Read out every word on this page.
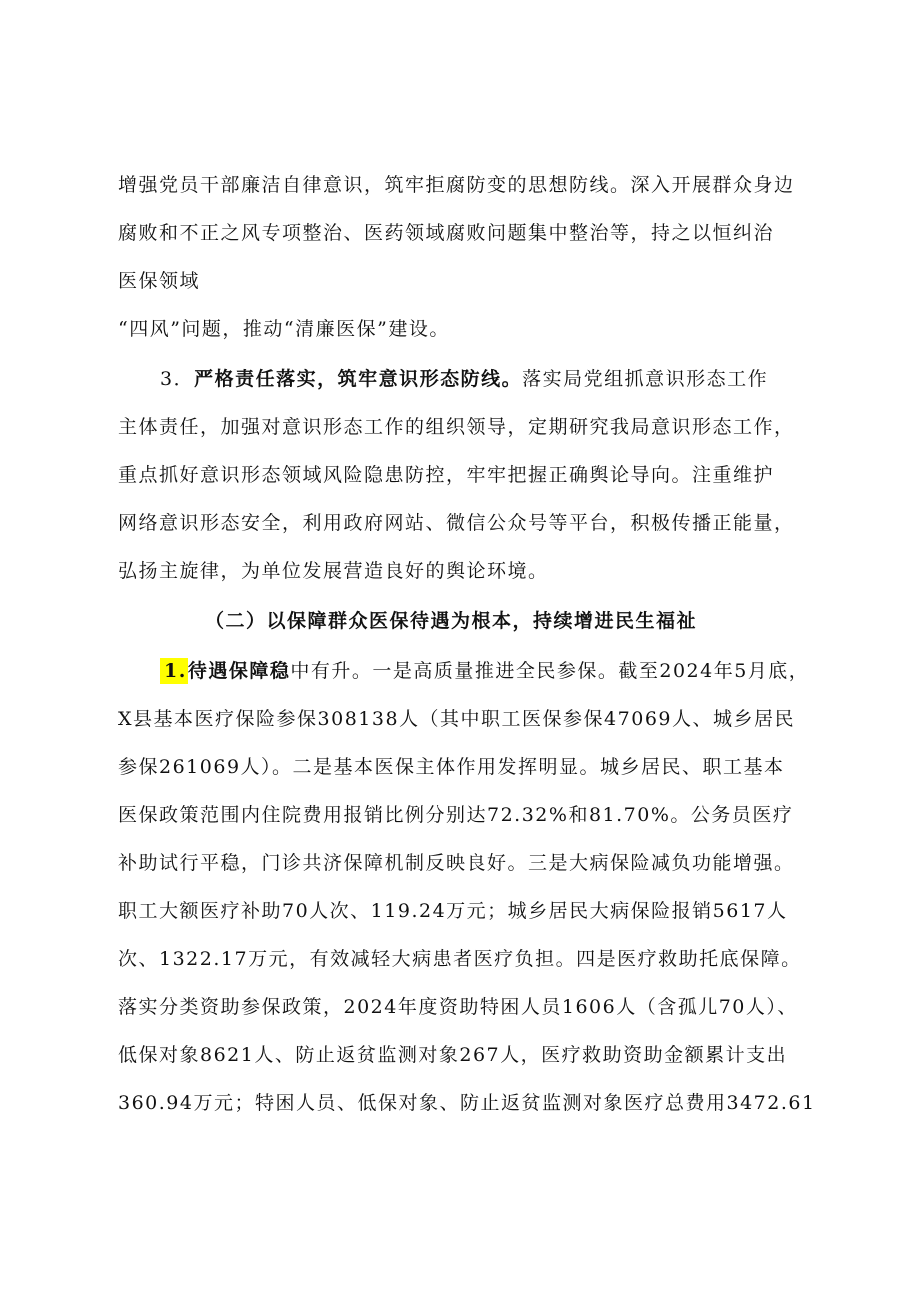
增强党员干部廉洁自律意识，筑牢拒腐防变的思想防线。深入开展群众身边
腐败和不正之风专项整治、医药领域腐败问题集中整治等，持之以恒纠治
医保领域
“四风”问题，推动“清廉医保”建设。
3．严格责任落实，筑牢意识形态防线。落实局党组抓意识形态工作
主体责任，加强对意识形态工作的组织领导，定期研究我局意识形态工作，
重点抓好意识形态领域风险隐患防控，牢牢把握正确舆论导向。注重维护
网络意识形态安全，利用政府网站、微信公众号等平台，积极传播正能量，
弘扬主旋律，为单位发展营造良好的舆论环境。
（二）以保障群众医保待遇为根本，持续增进民生福祉
1.待遇保障稳中有升。一是高质量推进全民参保。截至2024年5月底，
X县基本医疗保险参保308138人（其中职工医保参保47069人、城乡居民
参保261069人）。二是基本医保主体作用发挥明显。城乡居民、职工基本
医保政策范围内住院费用报销比例分别达72.32%和81.70%。公务员医疗
补助试行平稳，门诊共济保障机制反映良好。三是大病保险减负功能增强。
职工大额医疗补助70人次、119.24万元；城乡居民大病保险报销5617人
次、1322.17万元，有效减轻大病患者医疗负担。四是医疗救助托底保障。
落实分类资助参保政策，2024年度资助特困人员1606人（含孤儿70人）、
低保对象8621人、防止返贫监测对象267人，医疗救助资助金额累计支出
360.94万元；特困人员、低保对象、防止返贫监测对象医疗总费用3472.61
